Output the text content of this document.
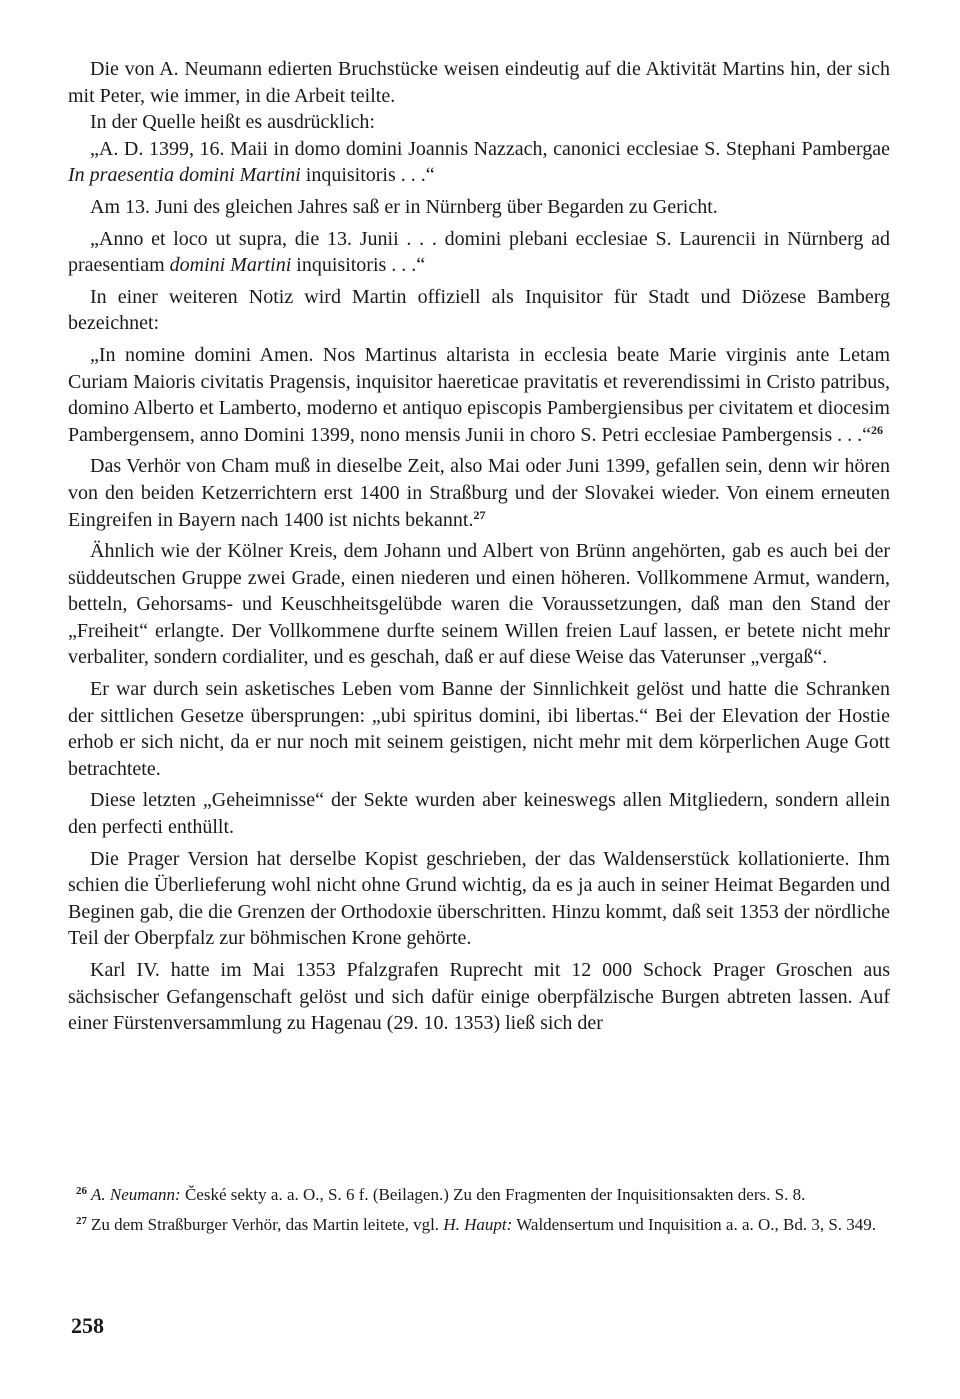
Die von A. Neumann edierten Bruchstücke weisen eindeutig auf die Aktivität Martins hin, der sich mit Peter, wie immer, in die Arbeit teilte.

In der Quelle heißt es ausdrücklich:

„A. D. 1399, 16. Maii in domo domini Joannis Nazzach, canonici ecclesiae S. Stephani Pambergae In praesentia domini Martini inquisitoris . . .“

Am 13. Juni des gleichen Jahres saß er in Nürnberg über Begarden zu Gericht.

„Anno et loco ut supra, die 13. Junii . . . domini plebani ecclesiae S. Laurencii in Nürnberg ad praesentiam domini Martini inquisitoris . . .“

In einer weiteren Notiz wird Martin offiziell als Inquisitor für Stadt und Diözese Bamberg bezeichnet:

„In nomine domini Amen. Nos Martinus altarista in ecclesia beate Marie virginis ante Letam Curiam Maioris civitatis Pragensis, inquisitor haereticae pravitatis et reverendissimi in Cristo patribus, domino Alberto et Lamberto, moderno et antiquo episcopis Pambergiensibus per civitatem et diocesim Pambergensem, anno Domini 1399, nono mensis Junii in choro S. Petri ecclesiae Pambergensis . . .“$^{26}$

Das Verhör von Cham muß in dieselbe Zeit, also Mai oder Juni 1399, gefallen sein, denn wir hören von den beiden Ketzerrichtern erst 1400 in Straßburg und der Slovakei wieder. Von einem erneuten Eingreifen in Bayern nach 1400 ist nichts bekannt.$^{27}$

Ähnlich wie der Kölner Kreis, dem Johann und Albert von Brünn angehörten, gab es auch bei der süddeutschen Gruppe zwei Grade, einen niederen und einen höheren. Vollkommene Armut, wandern, betteln, Gehorsams- und Keuschheitsgelübde waren die Voraussetzungen, daß man den Stand der „Freiheit“ erlangte. Der Vollkommene durfte seinem Willen freien Lauf lassen, er betete nicht mehr verbaliter, sondern cordialiter, und es geschah, daß er auf diese Weise das Vaterunser „vergaß“.

Er war durch sein asketisches Leben vom Banne der Sinnlichkeit gelöst und hatte die Schranken der sittlichen Gesetze übersprungen: „ubi spiritus domini, ibi libertas.“ Bei der Elevation der Hostie erhob er sich nicht, da er nur noch mit seinem geistigen, nicht mehr mit dem körperlichen Auge Gott betrachtete.

Diese letzten „Geheimnisse“ der Sekte wurden aber keineswegs allen Mitgliedern, sondern allein den perfecti enthüllt.

Die Prager Version hat derselbe Kopist geschrieben, der das Waldenserstück kollationierte. Ihm schien die Überlieferung wohl nicht ohne Grund wichtig, da es ja auch in seiner Heimat Begarden und Beginen gab, die die Grenzen der Orthodoxie überschritten. Hinzu kommt, daß seit 1353 der nördliche Teil der Oberpfalz zur böhmischen Krone gehörte.

Karl IV. hatte im Mai 1353 Pfalzgrafen Ruprecht mit 12 000 Schock Prager Groschen aus sächsischer Gefangenschaft gelöst und sich dafür einige oberpfälzische Burgen abtreten lassen. Auf einer Fürstenversammlung zu Hagenau (29. 10. 1353) ließ sich der

$^{26}$ A. Neumann: České sekty a. a. O., S. 6 f. (Beilagen.) Zu den Fragmenten der Inquisitionsakten ders. S. 8.

$^{27}$ Zu dem Straßburger Verhör, das Martin leitete, vgl. H. Haupt: Waldensertum und Inquisition a. a. O., Bd. 3, S. 349.

258
